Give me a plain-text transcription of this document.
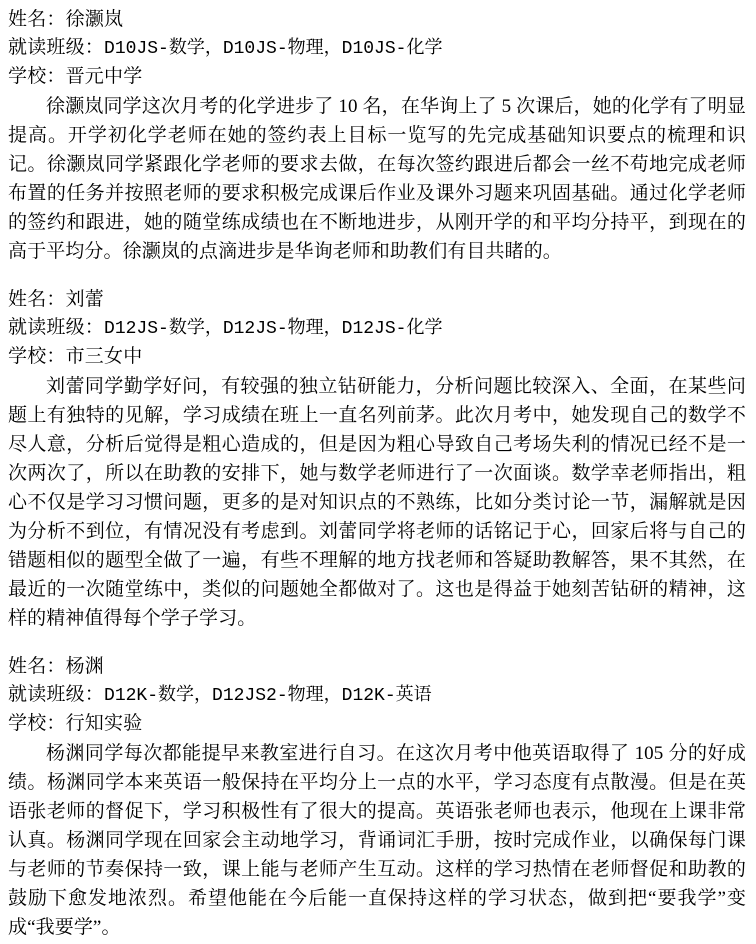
姓名：徐灏岚
就读班级：D10JS-数学，D10JS-物理，D10JS-化学
学校：晋元中学

徐灏岚同学这次月考的化学进步了 10 名，在华询上了 5 次课后，她的化学有了明显提高。开学初化学老师在她的签约表上目标一览写的先完成基础知识要点的梳理和识记。徐灏岚同学紧跟化学老师的要求去做，在每次签约跟进后都会一丝不苟地完成老师布置的任务并按照老师的要求积极完成课后作业及课外习题来巩固基础。通过化学老师的签约和跟进，她的随堂练成绩也在不断地进步，从刚开学的和平均分持平，到现在的高于平均分。徐灏岚的点滴进步是华询老师和助教们有目共睹的。

姓名：刘蕾
就读班级：D12JS-数学，D12JS-物理，D12JS-化学
学校：市三女中

刘蕾同学勤学好问，有较强的独立钻研能力，分析问题比较深入、全面，在某些问题上有独特的见解，学习成绩在班上一直名列前茅。此次月考中，她发现自己的数学不尽人意，分析后觉得是粗心造成的，但是因为粗心导致自己考场失利的情况已经不是一次两次了，所以在助教的安排下，她与数学老师进行了一次面谈。数学幸老师指出，粗心不仅是学习习惯问题，更多的是对知识点的不熟练，比如分类讨论一节，漏解就是因为分析不到位，有情况没有考虑到。刘蕾同学将老师的话铭记于心，回家后将与自己的错题相似的题型全做了一遍，有些不理解的地方找老师和答疑助教解答，果不其然，在最近的一次随堂练中，类似的问题她全都做对了。这也是得益于她刻苦钻研的精神，这样的精神值得每个学子学习。

姓名：杨渊
就读班级：D12K-数学，D12JS2-物理，D12K-英语
学校：行知实验

杨渊同学每次都能提早来教室进行自习。在这次月考中他英语取得了 105 分的好成绩。杨渊同学本来英语一般保持在平均分上一点的水平，学习态度有点散漫。但是在英语张老师的督促下，学习积极性有了很大的提高。英语张老师也表示，他现在上课非常认真。杨渊同学现在回家会主动地学习，背诵词汇手册，按时完成作业，以确保每门课与老师的节奏保持一致，课上能与老师产生互动。这样的学习热情在老师督促和助教的鼓励下愈发地浓烈。希望他能在今后能一直保持这样的学习状态，做到把“要我学”变成“我要学”。
